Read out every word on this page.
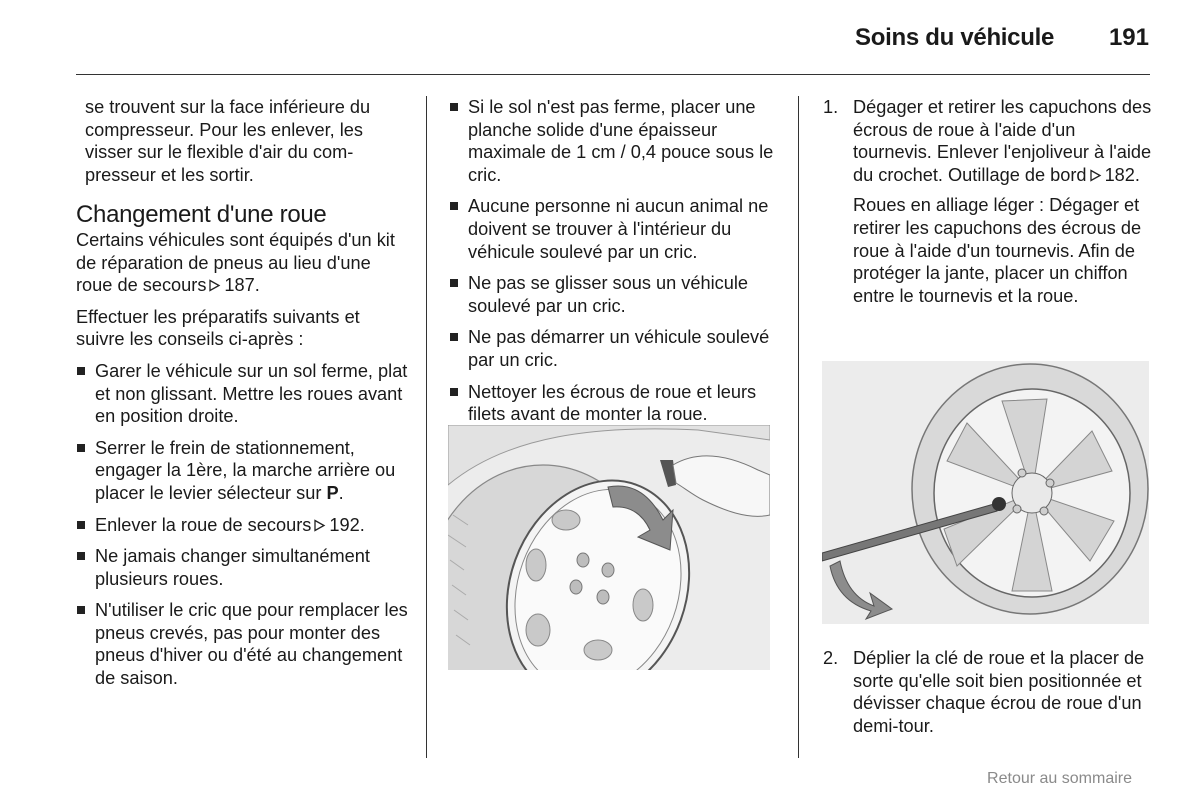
Soins du véhicule 191

se trouvent sur la face inférieure du compresseur. Pour les enlever, les visser sur le flexible d'air du compresseur et les sortir.

Changement d'une roue

Certains véhicules sont équipés d'un kit de réparation de pneus au lieu d'une roue de secours 187.

Effectuer les préparatifs suivants et suivre les conseils ci-après :

Garer le véhicule sur un sol ferme, plat et non glissant. Mettre les roues avant en position droite.
Serrer le frein de stationnement, engager la 1ère, la marche arrière ou placer le levier sélecteur sur P.
Enlever la roue de secours 192.
Ne jamais changer simultanément plusieurs roues.
N'utiliser le cric que pour remplacer les pneus crevés, pas pour monter des pneus d'hiver ou d'été au changement de saison.
Si le sol n'est pas ferme, placer une planche solide d'une épaisseur maximale de 1 cm / 0,4 pouce sous le cric.
Aucune personne ni aucun animal ne doivent se trouver à l'intérieur du véhicule soulevé par un cric.
Ne pas se glisser sous un véhicule soulevé par un cric.
Ne pas démarrer un véhicule soulevé par un cric.
Nettoyer les écrous de roue et leurs filets avant de monter la roue.
1. Dégager et retirer les capuchons des écrous de roue à l'aide d'un tournevis. Enlever l'enjoliveur à l'aide du crochet. Outillage de bord 182.

Roues en alliage léger : Dégager et retirer les capuchons des écrous de roue à l'aide d'un tournevis. Afin de protéger la jante, placer un chiffon entre le tournevis et la roue.

2. Déplier la clé de roue et la placer de sorte qu'elle soit bien positionnée et dévisser chaque écrou de roue d'un demi-tour.

Retour au sommaire
